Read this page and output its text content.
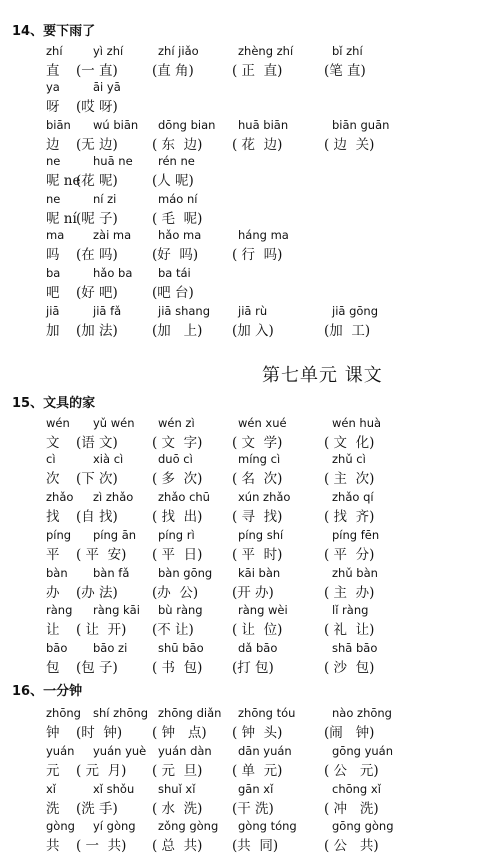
14、要下雨了
zhí
直
yì zhí
(一 直)
zhí jiǎo
(直 角)
zhèng zhí
( 正  直)
bǐ zhí
(笔 直)
ya
呀
āi yā
(哎 呀)
biān
边
wú biān
(无 边)
dōng bian
( 东  边)
huā biān
( 花  边)
biān guān
( 边  关)
ne
呢 ne
huā ne
(花 呢)
rén ne
(人 呢)
ne
呢 ní
ní zi
(呢 子)
máo ní
( 毛  呢)
ma
吗
zài ma
(在 吗)
hǎo ma
(好  吗)
háng ma
( 行  吗)
ba
吧
hǎo ba
(好 吧)
ba tái
(吧 台)
jiā
加
jiā fǎ
(加 法)
jiā shang
(加   上)
jiā rù
(加 入)
jiā gōng
(加  工)
15、文具的家
wén
文
yǔ wén
(语 文)
wén zì
( 文  字)
wén xué
( 文  学)
wén huà
( 文  化)
cì
次
xià cì
(下 次)
duō cì
( 多  次)
míng cì
( 名  次)
zhǔ cì
( 主  次)
zhǎo
找
zì zhǎo
(自 找)
zhǎo chū
( 找  出)
xún zhǎo
( 寻  找)
zhǎo qí
( 找  齐)
píng
平
píng ān
( 平  安)
píng rì
( 平  日)
píng shí
( 平  时)
píng fēn
( 平  分)
bàn
办
bàn fǎ
(办 法)
bàn gōng
(办  公)
kāi bàn
(开 办)
zhǔ bàn
( 主  办)
ràng
让
ràng kāi
( 让  开)
bù ràng
(不 让)
ràng wèi
( 让  位)
lǐ ràng
( 礼  让)
bāo
包
bāo zi
(包 子)
shū bāo
( 书  包)
dǎ bāo
(打 包)
shā bāo
( 沙  包)
16、一分钟
zhōng
钟
shí zhōng
(时  钟)
zhōng diǎn
( 钟   点)
zhōng tóu
( 钟  头)
nào zhōng
(闹   钟)
yuán
元
yuán yuè
( 元  月)
yuán dàn
( 元  旦)
dān yuán
( 单  元)
gōng yuán
( 公   元)
xǐ
洗
xǐ shǒu
(洗 手)
shuǐ xǐ
( 水  洗)
gān xǐ
(干 洗)
chōng xǐ
( 冲   洗)
gòng
共
yí gòng
( 一  共)
zǒng gòng
( 总  共)
gòng tóng
(共  同)
gōng gòng
( 公   共)
第七单元 课文
